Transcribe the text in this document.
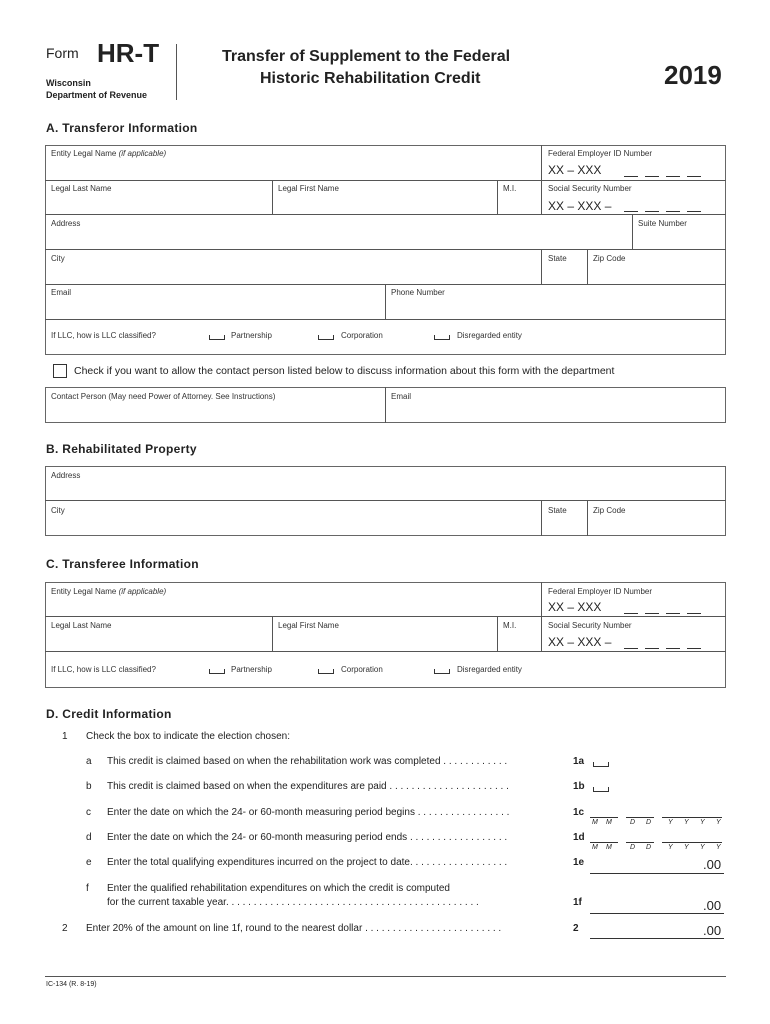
Form HR-T
Wisconsin
Department of Revenue
Transfer of Supplement to the Federal
Historic Rehabilitation Credit	2019
A. Transferor Information
Entity Legal Name (if applicable)	Federal Employer ID Number
XX – XXX
Legal Last Name	Legal First Name	M.I.	Social Security Number
XX – XXX –
Address	Suite Number
City	State	Zip Code
Email	Phone Number
If LLC, how is LLC classified?	Partnership	Corporation	Disregarded entity
Check if you want to allow the contact person listed below to discuss information about this form with the department
Contact Person (May need Power of Attorney. See Instructions)	Email
B. Rehabilitated Property
Address
City	State	Zip Code
C. Transferee Information
Entity Legal Name (if applicable)	Federal Employer ID Number
XX – XXX
Legal Last Name	Legal First Name	M.I.	Social Security Number
XX – XXX –
If LLC, how is LLC classified?	Partnership	Corporation	Disregarded entity
D. Credit Information
1 Check the box to indicate the election chosen:
a This credit is claimed based on when the rehabilitation work was completed . . . . . . . . . . . .	1a
b This credit is claimed based on when the expenditures are paid . . . . . . . . . . . . . . . . . . . . . .	1b
c Enter the date on which the 24- or 60-month measuring period begins . . . . . . . . . . . . . . . . .	1c
M M	D D Y Y Y Y
d Enter the date on which the 24- or 60-month measuring period ends . . . . . . . . . . . . . . . . . .	1d
M M	D D Y Y Y Y
e Enter the total qualifying expenditures incurred on the project to date. . . . . . . . . . . . . . . . . .	1e	.00
f Enter the qualified rehabilitation expenditures on which the credit is computed
for the current taxable year. . . . . . . . . . . . . . . . . . . . . . . . . . . . . . . . . . . . . . . . . . . . . .	1f	.00
2 Enter 20% of the amount on line 1f, round to the nearest dollar . . . . . . . . . . . . . . . . . . . . . . . . .	2	.00
IC-134 (R. 8-19)
